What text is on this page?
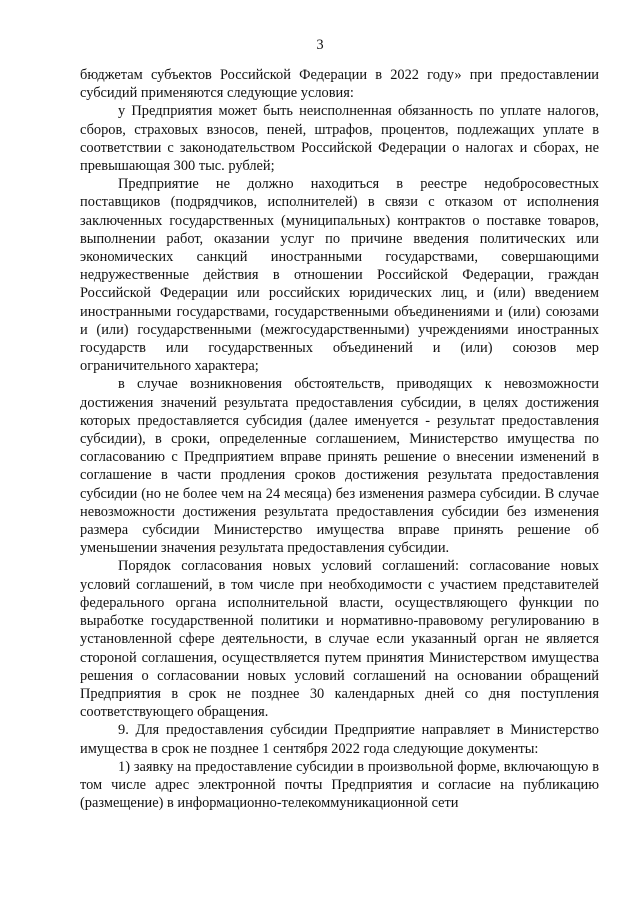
3

бюджетам субъектов Российской Федерации в 2022 году» при предоставлении субсидий применяются следующие условия:

у Предприятия может быть неисполненная обязанность по уплате налогов, сборов, страховых взносов, пеней, штрафов, процентов, подлежащих уплате в соответствии с законодательством Российской Федерации о налогах и сборах, не превышающая 300 тыс. рублей;

Предприятие не должно находиться в реестре недобросовестных поставщиков (подрядчиков, исполнителей) в связи с отказом от исполнения заключенных государственных (муниципальных) контрактов о поставке товаров, выполнении работ, оказании услуг по причине введения политических или экономических санкций иностранными государствами, совершающими недружественные действия в отношении Российской Федерации, граждан Российской Федерации или российских юридических лиц, и (или) введением иностранными государствами, государственными объединениями и (или) союзами и (или) государственными (межгосударственными) учреждениями иностранных государств или государственных объединений и (или) союзов мер ограничительного характера;

в случае возникновения обстоятельств, приводящих к невозможности достижения значений результата предоставления субсидии, в целях достижения которых предоставляется субсидия (далее именуется - результат предоставления субсидии), в сроки, определенные соглашением, Министерство имущества по согласованию с Предприятием вправе принять решение о внесении изменений в соглашение в части продления сроков достижения результата предоставления субсидии (но не более чем на 24 месяца) без изменения размера субсидии. В случае невозможности достижения результата предоставления субсидии без изменения размера субсидии Министерство имущества вправе принять решение об уменьшении значения результата предоставления субсидии.

Порядок согласования новых условий соглашений: согласование новых условий соглашений, в том числе при необходимости с участием представителей федерального органа исполнительной власти, осуществляющего функции по выработке государственной политики и нормативно-правовому регулированию в установленной сфере деятельности, в случае если указанный орган не является стороной соглашения, осуществляется путем принятия Министерством имущества решения о согласовании новых условий соглашений на основании обращений Предприятия в срок не позднее 30 календарных дней со дня поступления соответствующего обращения.

9. Для предоставления субсидии Предприятие направляет в Министерство имущества в срок не позднее 1 сентября 2022 года следующие документы:

1) заявку на предоставление субсидии в произвольной форме, включающую в том числе адрес электронной почты Предприятия и согласие на публикацию (размещение) в информационно-телекоммуникационной сети
